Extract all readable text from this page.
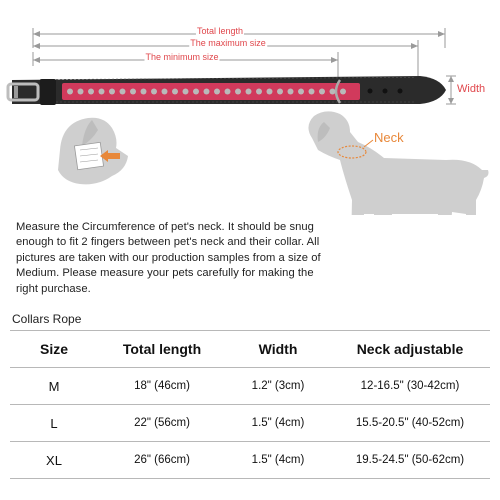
Total length
The maximum size
The minimum size
Width
Neck
Measure the Circumference of pet's neck. It should be snug enough to fit 2 fingers between pet's neck and their collar. All pictures are taken with our production samples from a size of Medium. Please measure your pets carefully for making the right purchase.
Collars Rope
Size	Total length	Width	Neck adjustable
M	18" (46cm)	1.2" (3cm)	12-16.5" (30-42cm)
L	22" (56cm)	1.5" (4cm)	15.5-20.5" (40-52cm)
XL	26" (66cm)	1.5" (4cm)	19.5-24.5" (50-62cm)
